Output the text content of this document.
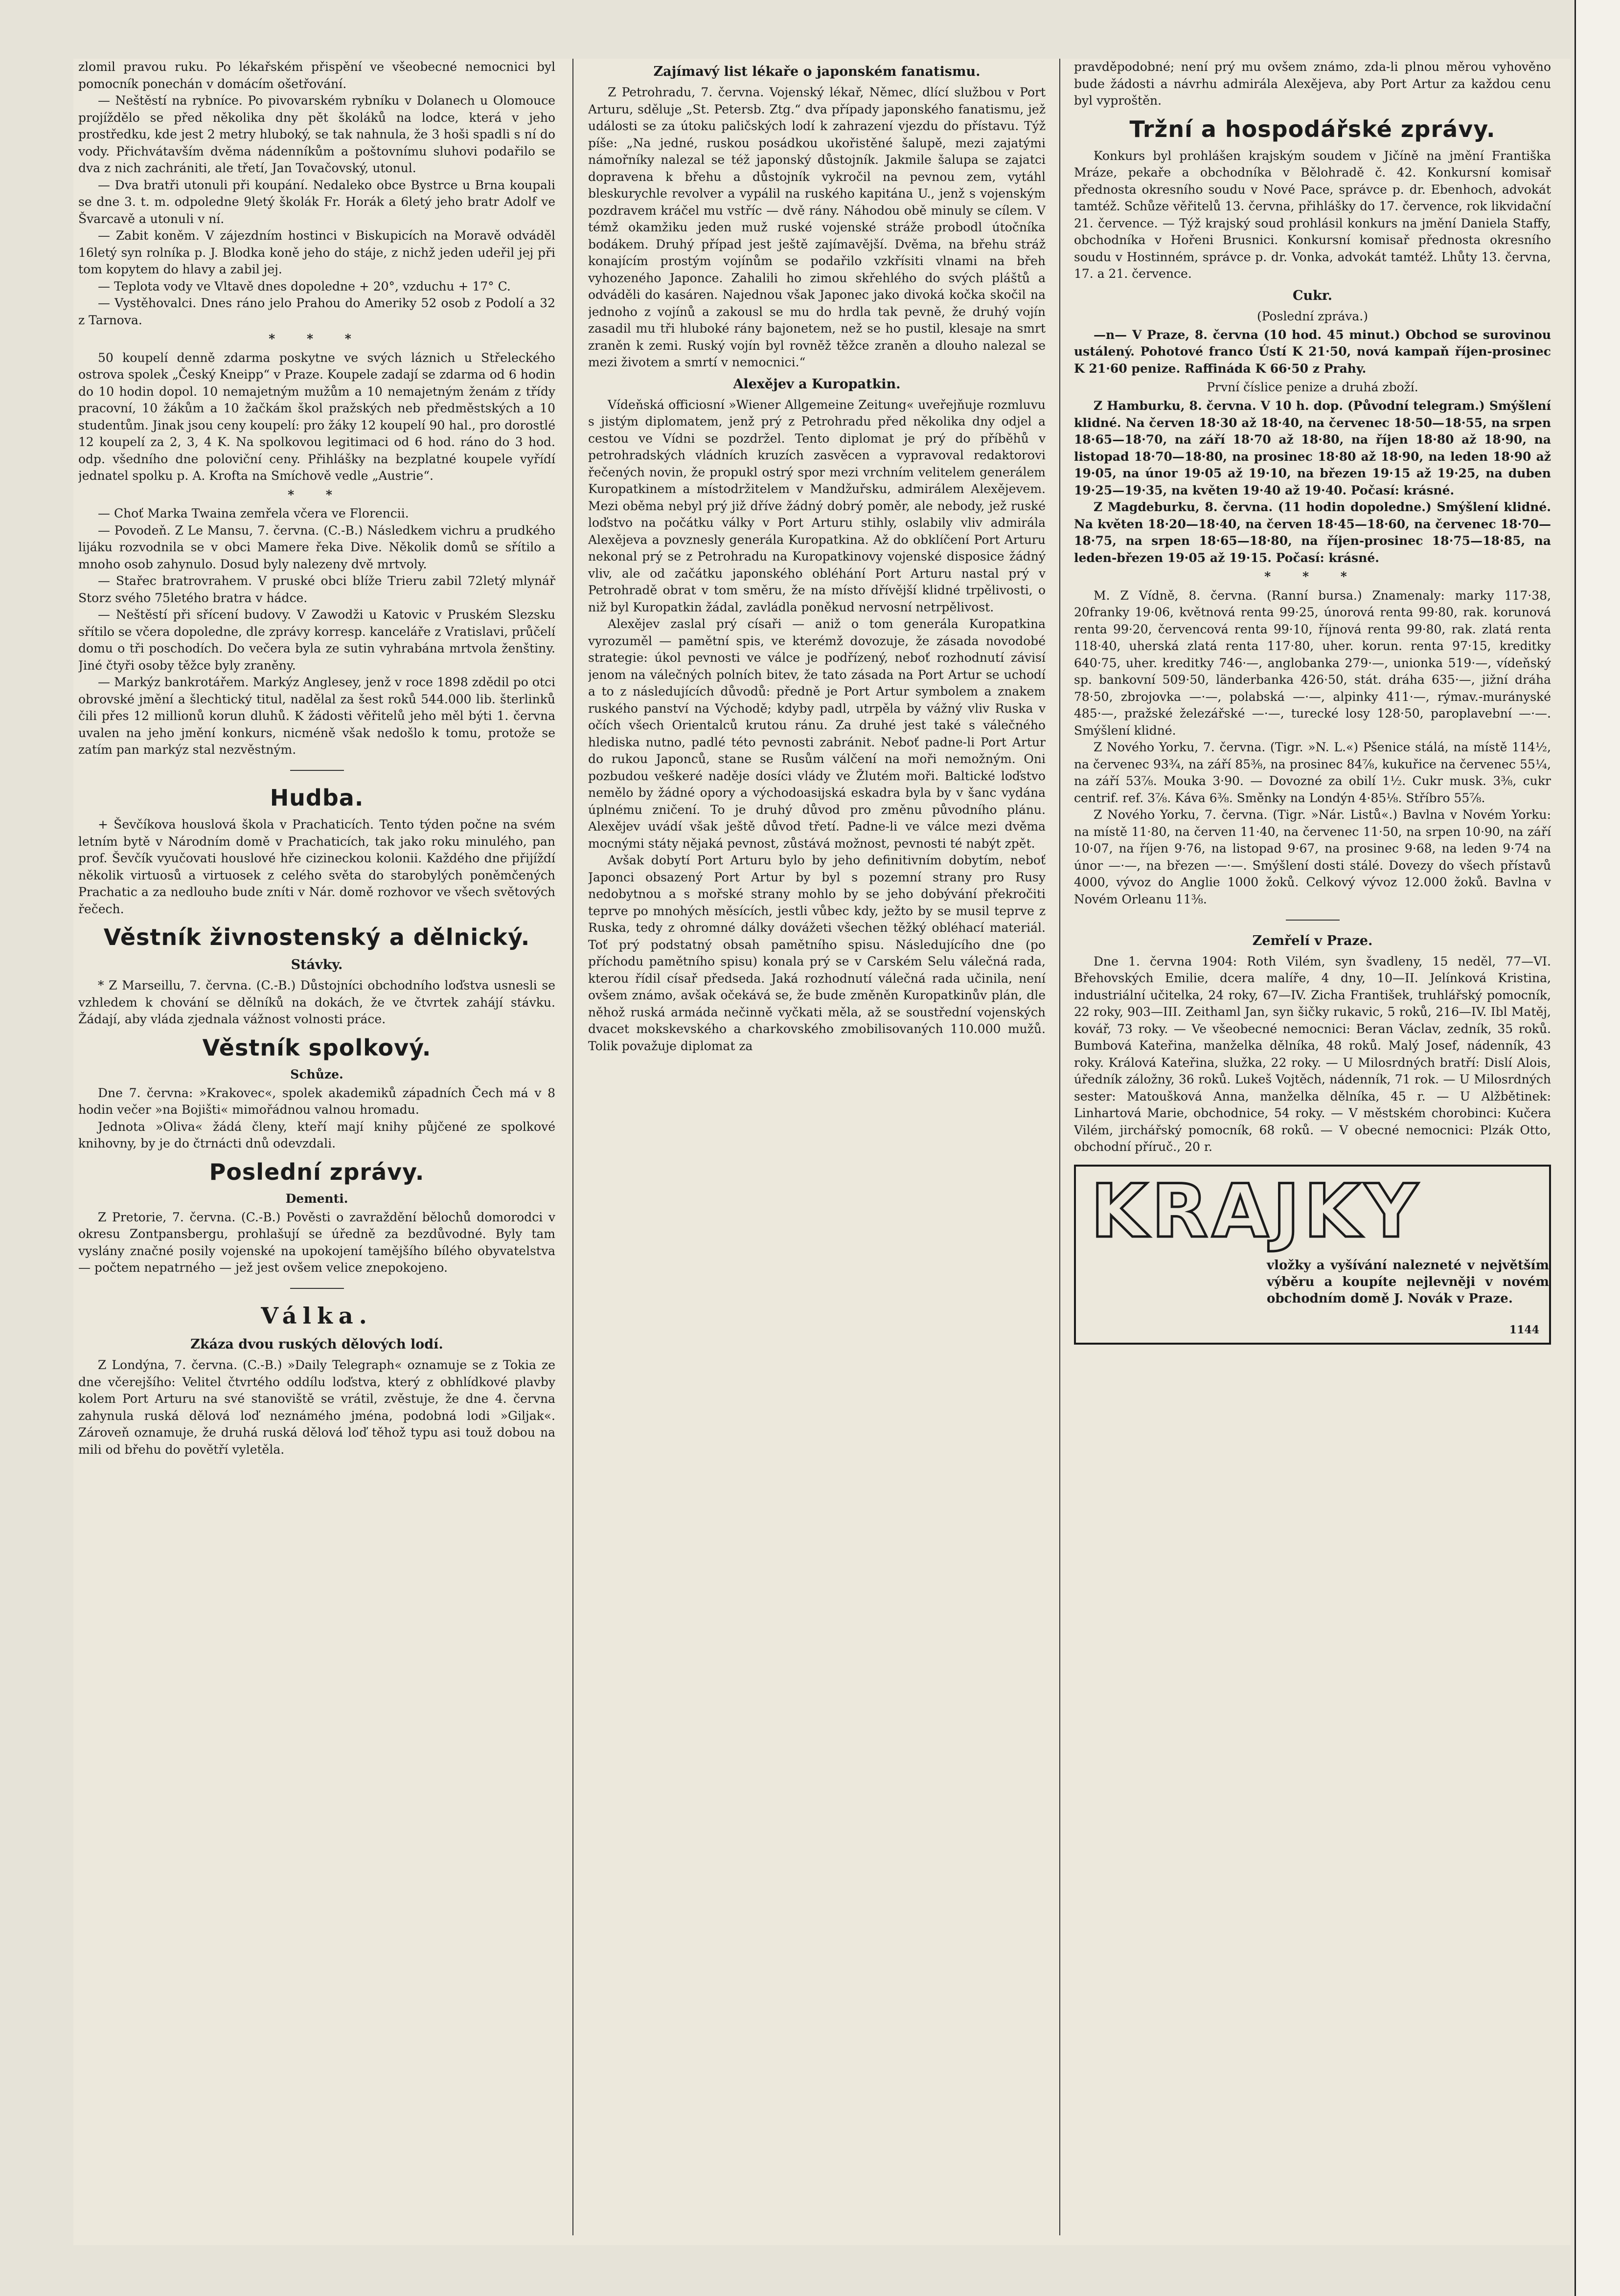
zlomil pravou ruku. Po lékařském přispění ve všeobecné nemocnici byl pomocník ponechán v domácím ošetřování.

— Neštěstí na rybníce. Po pivovarském rybníku v Dolanech u Olomouce projíždělo se před několika dny pět školáků na lodce, která v jeho prostředku, kde jest 2 metry hluboký, se tak nahnula, že 3 hoši spadli s ní do vody. Přichvátavším dvěma nádenníkům a poštovnímu sluhovi podařilo se dva z nich zachrániti, ale třetí, Jan Tovačovský, utonul.

— Dva bratři utonuli při koupání. Nedaleko obce Bystrce u Brna koupali se dne 3. t. m. odpoledne 9letý školák Fr. Horák a 6letý jeho bratr Adolf ve Švarcavě a utonuli v ní.

— Zabit koněm. V zájezdním hostinci v Biskupicích na Moravě odváděl 16letý syn rolníka p. J. Blodka koně jeho do stáje, z nichž jeden udeřil jej při tom kopytem do hlavy a zabil jej.

— Teplota vody ve Vltavě dnes dopoledne + 20°, vzduchu + 17° C.

— Vystěhovalci. Dnes ráno jelo Prahou do Ameriky 52 osob z Podolí a 32 z Tarnova.

* * *

50 koupelí denně zdarma poskytne ve svých láznich u Střeleckého ostrova spolek „Český Kneipp“ v Praze. Koupele zadají se zdarma od 6 hodin do 10 hodin dopol. 10 nemajetným mužům a 10 nemajetným ženám z třídy pracovní, 10 žákům a 10 žačkám škol pražských neb předměstských a 10 studentům. Jinak jsou ceny koupelí: pro žáky 12 koupelí 90 hal., pro dorostlé 12 koupelí za 2, 3, 4 K. Na spolkovou legitimaci od 6 hod. ráno do 3 hod. odp. všedního dne poloviční ceny. Přihlášky na bezplatné koupele vyřídí jednatel spolku p. A. Krofta na Smíchově vedle „Austrie“.

* *

— Choť Marka Twaina zemřela včera ve Florencii.

— Povodeň. Z Le Mansu, 7. června. (C.-B.) Následkem vichru a prudkého lijáku rozvodnila se v obci Mamere řeka Dive. Několik domů se sřítilo a mnoho osob zahynulo. Dosud byly nalezeny dvě mrtvoly.

— Stařec bratrovrahem. V pruské obci blíže Trieru zabil 72letý mlynář Storz svého 75letého bratra v hádce.

— Neštěstí při sřícení budovy. V Zawodži u Katovic v Pruském Slezsku sřítilo se včera dopoledne, dle zprávy korresp. kanceláře z Vratislavi, průčelí domu o tři poschodích. Do večera byla ze sutin vyhrabána mrtvola ženštiny. Jiné čtyři osoby těžce byly zraněny.

— Markýz bankrotářem. Markýz Anglesey, jenž v roce 1898 zdědil po otci obrovské jmění a šlechtický titul, nadělal za šest roků 544.000 lib. šterlinků čili přes 12 millionů korun dluhů. K žádosti věřitelů jeho měl býti 1. června uvalen na jeho jmění konkurs, nicméně však nedošlo k tomu, protože se zatím pan markýz stal nezvěstným.

Hudba.

+ Ševčíkova houslová škola v Prachaticích. Tento týden počne na svém letním bytě v Národním domě v Prachaticích, tak jako roku minulého, pan prof. Ševčík vyučovati houslové hře cizineckou kolonii. Každého dne přijíždí několik virtuosů a virtuosek z celého světa do starobylých poněmčených Prachatic a za nedlouho bude zníti v Nár. domě rozhovor ve všech světových řečech.

Věstník živnostenský a dělnický.
Stávky.

* Z Marseillu, 7. června. (C.-B.) Důstojníci obchodního loďstva usnesli se vzhledem k chování se dělníků na dokách, že ve čtvrtek zahájí stávku. Žádají, aby vláda zjednala vážnost volnosti práce.

Věstník spolkový.
Schůze.

Dne 7. června: »Krakovec«, spolek akademiků západních Čech má v 8 hodin večer »na Bojišti« mimořádnou valnou hromadu.

Jednota »Oliva« žádá členy, kteří mají knihy půjčené ze spolkové knihovny, by je do čtrnácti dnů odevzdali.

Poslední zprávy.
Dementi.

Z Pretorie, 7. června. (C.-B.) Pověsti o zavraždění bělochů domorodci v okresu Zontpansbergu, prohlašují se úředně za bezdůvodné. Byly tam vyslány značné posily vojenské na upokojení tamějšího bílého obyvatelstva — počtem nepatrného — jež jest ovšem velice znepokojeno.

Válka.
Zkáza dvou ruských dělových lodí.

Z Londýna, 7. června. (C.-B.) »Daily Telegraph« oznamuje se z Tokia ze dne včerejšího: Velitel čtvrtého oddílu loďstva, který z obhlídkové plavby kolem Port Arturu na své stanoviště se vrátil, zvěstuje, že dne 4. června zahynula ruská dělová loď neznámého jména, podobná lodi »Giljak«. Zároveň oznamuje, že druhá ruská dělová loď těhož typu asi touž dobou na mili od břehu do povětří vyletěla.

Zajímavý list lékaře o japonském fanatismu.

Z Petrohradu, 7. června. Vojenský lékař, Němec, dlící službou v Port Arturu, sděluje „St. Petersb. Ztg.“ dva případy japonského fanatismu, jež události se za útoku paličských lodí k zahrazení vjezdu do přístavu. Týž píše: „Na jedné, ruskou posádkou ukořistěné šalupě, mezi zajatými námořníky nalezal se též japonský důstojník. Jakmile šalupa se zajatci dopravena k břehu a důstojník vykročil na pevnou zem, vytáhl bleskurychle revolver a vypálil na ruského kapitána U., jenž s vojenským pozdravem kráčel mu vstříc — dvě rány. Náhodou obě minuly se cílem. V témž okamžiku jeden muž ruské vojenské stráže probodl útočníka bodákem. Druhý případ jest ještě zajímavější. Dvěma, na břehu stráž konajícím prostým vojínům se podařilo vzkřísiti vlnami na břeh vyhozeného Japonce. Zahalili ho zimou skřehlého do svých pláštů a odváděli do kasáren. Najednou však Japonec jako divoká kočka skočil na jednoho z vojínů a zakousl se mu do hrdla tak pevně, že druhý vojín zasadil mu tři hluboké rány bajonetem, než se ho pustil, klesaje na smrt zraněn k zemi. Ruský vojín byl rovněž těžce zraněn a dlouho nalezal se mezi životem a smrtí v nemocnici.“

Alexějev a Kuropatkin.

Vídeňská officiosní »Wiener Allgemeine Zeitung« uveřejňuje rozmluvu s jistým diplomatem, jenž prý z Petrohradu před několika dny odjel a cestou ve Vídni se pozdržel. Tento diplomat je prý do příběhů v petrohradských vládních kruzích zasvěcen a vypravoval redaktorovi řečených novin, že propukl ostrý spor mezi vrchním velitelem generálem Kuropatkinem a místodržitelem v Mandžuřsku, admirálem Alexějevem. Mezi oběma nebyl prý již dříve žádný dobrý poměr, ale nebody, jež ruské loďstvo na počátku války v Port Arturu stihly, oslabily vliv admirála Alexějeva a povznesly generála Kuropatkina. Až do obklíčení Port Arturu nekonal prý se z Petrohradu na Kuropatkinovy vojenské disposice žádný vliv, ale od začátku japonského obléhání Port Arturu nastal prý v Petrohradě obrat v tom směru, že na místo dřívější klidné trpělivosti, o niž byl Kuropatkin žádal, zavládla poněkud nervosní netrpělivost.

Alexějev zaslal prý císaři — aniž o tom generála Kuropatkina vyrozuměl — pamětní spis, ve kterémž dovozuje, že zásada novodobé strategie: úkol pevnosti ve válce je podřízený, neboť rozhodnutí závisí jenom na válečných polních bitev, že tato zásada na Port Artur se uchodí a to z následujících důvodů: předně je Port Artur symbolem a znakem ruského panství na Východě; kdyby padl, utrpěla by vážný vliv Ruska v očích všech Orientalců krutou ránu. Za druhé jest také s válečného hlediska nutno, padlé této pevnosti zabránit. Neboť padne-li Port Artur do rukou Japonců, stane se Rusům válčení na moři nemožným. Oni pozbudou veškeré naděje dosíci vlády ve Žlutém moři. Baltické loďstvo nemělo by žádné opory a východoasijská eskadra byla by v šanc vydána úplnému zničení. To je druhý důvod pro změnu původního plánu. Alexějev uvádí však ještě důvod třetí. Padne-li ve válce mezi dvěma mocnými státy nějaká pevnost, zůstává možnost, pevnosti té nabýt zpět.

Avšak dobytí Port Arturu bylo by jeho definitivním dobytím, neboť Japonci obsazený Port Artur by byl s pozemní strany pro Rusy nedobytnou a s mořské strany mohlo by se jeho dobývání překročiti teprve po mnohých měsících, jestli vůbec kdy, ježto by se musil teprve z Ruska, tedy z ohromné dálky dovážeti všechen těžký obléhací materiál. Toť prý podstatný obsah pamětního spisu. Následujícího dne (po příchodu pamětního spisu) konala prý se v Carském Selu válečná rada, kterou řídil císař předseda. Jaká rozhodnutí válečná rada učinila, není ovšem známo, avšak očekává se, že bude změněn Kuropatkinův plán, dle něhož ruská armáda nečinně vyčkati měla, až se soustřední vojenských dvacet mokskevského a charkovského zmobilisovaných 110.000 mužů. Tolik považuje diplomat za

pravděpodobné; není prý mu ovšem známo, zda-li plnou měrou vyhověno bude žádosti a návrhu admirála Alexějeva, aby Port Artur za každou cenu byl vyproštěn.

Tržní a hospodářské zprávy.

Konkurs byl prohlášen krajským soudem v Jičíně na jmění Františka Mráze, pekaře a obchodníka v Bělohradě č. 42. Konkursní komisař přednosta okresního soudu v Nové Pace, správce p. dr. Ebenhoch, advokát tamtéž. Schůze věřitelů 13. června, přihlášky do 17. července, rok likvidační 21. července. — Týž krajský soud prohlásil konkurs na jmění Daniela Staffy, obchodníka v Hořeni Brusnici. Konkursní komisař přednosta okresního soudu v Hostinném, správce p. dr. Vonka, advokát tamtéž. Lhůty 13. června, 17. a 21. července.

Cukr.
(Poslední zpráva.)

—n— V Praze, 8. června (10 hod. 45 minut.) Obchod se surovinou ustálený. Pohotové franco Ústí K 21·50, nová kampaň říjen-prosinec K 21·60 penize. Raffináda K 66·50 z Prahy.

První číslice penize a druhá zboží.

Z Hamburku, 8. června. V 10 h. dop. (Původní telegram.) Smýšlení klidné. Na červen 18·30 až 18·40, na červenec 18·50—18·55, na srpen 18·65—18·70, na září 18·70 až 18·80, na říjen 18·80 až 18·90, na listopad 18·70—18·80, na prosinec 18·80 až 18·90, na leden 18·90 až 19·05, na únor 19·05 až 19·10, na březen 19·15 až 19·25, na duben 19·25—19·35, na květen 19·40 až 19·40. Počasí: krásné.

Z Magdeburku, 8. června. (11 hodin dopoledne.) Smýšlení klidné. Na květen 18·20—18·40, na červen 18·45—18·60, na červenec 18·70—18·75, na srpen 18·65—18·80, na říjen-prosinec 18·75—18·85, na leden-březen 19·05 až 19·15. Počasí: krásné.

* * *

M. Z Vídně, 8. června. (Ranní bursa.) Znamenaly: marky 117·38, 20franky 19·06, květnová renta 99·25, únorová renta 99·80, rak. korunová renta 99·20, červencová renta 99·10, říjnová renta 99·80, rak. zlatá renta 118·40, uherská zlatá renta 117·80, uher. korun. renta 97·15, kreditky 640·75, uher. kreditky 746·—, anglobanka 279·—, unionka 519·—, vídeňský sp. bankovní 509·50, länderbanka 426·50, stát. dráha 635·—, jižní dráha 78·50, zbrojovka —·—, polabská —·—, alpinky 411·—, rýmav.-murányské 485·—, pražské železářské —·—, turecké losy 128·50, paroplavební —·—. Smýšlení klidné.

Z Nového Yorku, 7. června. (Tigr. »N. L.«) Pšenice stálá, na místě 114½, na červenec 93¾, na září 85⅜, na prosinec 84⅞, kukuřice na červenec 55¼, na září 53⅞. Mouka 3·90. — Dovozné za obilí 1½. Cukr musk. 3⅜, cukr centrif. ref. 3⅞. Káva 6⅜. Směnky na Londýn 4·85⅛. Stříbro 55⅞.

Z Nového Yorku, 7. června. (Tigr. »Nár. Listů«.) Bavlna v Novém Yorku: na místě 11·80, na červen 11·40, na červenec 11·50, na srpen 10·90, na září 10·07, na říjen 9·76, na listopad 9·67, na prosinec 9·68, na leden 9·74 na únor —·—, na březen —·—. Smýšlení dosti stálé. Dovezy do všech přístavů 4000, vývoz do Anglie 1000 žoků. Celkový vývoz 12.000 žoků. Bavlna v Novém Orleanu 11⅜.

Zemřelí v Praze.

Dne 1. června 1904: Roth Vilém, syn švadleny, 15 neděl, 77—VI. Břehovských Emilie, dcera malíře, 4 dny, 10—II. Jelínková Kristina, industriální učitelka, 24 roky, 67—IV. Zicha František, truhlářský pomocník, 22 roky, 903—III. Zeithaml Jan, syn šičky rukavic, 5 roků, 216—IV. Ibl Matěj, kovář, 73 roky. — Ve všeobecné nemocnici: Beran Václav, zedník, 35 roků. Bumbová Kateřina, manželka dělníka, 48 roků. Malý Josef, nádenník, 43 roky. Králová Kateřina, služka, 22 roky. — U Milosrdných bratří: Dislí Alois, úředník záložny, 36 roků. Lukeš Vojtěch, nádenník, 71 rok. — U Milosrdných sester: Matoušková Anna, manželka dělníka, 45 r. — U Alžbětinek: Linhartová Marie, obchodnice, 54 roky. — V městském chorobinci: Kučera Vilém, jirchářský pomocník, 68 roků. — V obecné nemocnici: Plzák Otto, obchodní příruč., 20 r.

KRAJKY
vložky a vyšívání nalezneté v největším výběru a koupíte nejlevněji v novém obchodním domě J. Novák v Praze.
1144
